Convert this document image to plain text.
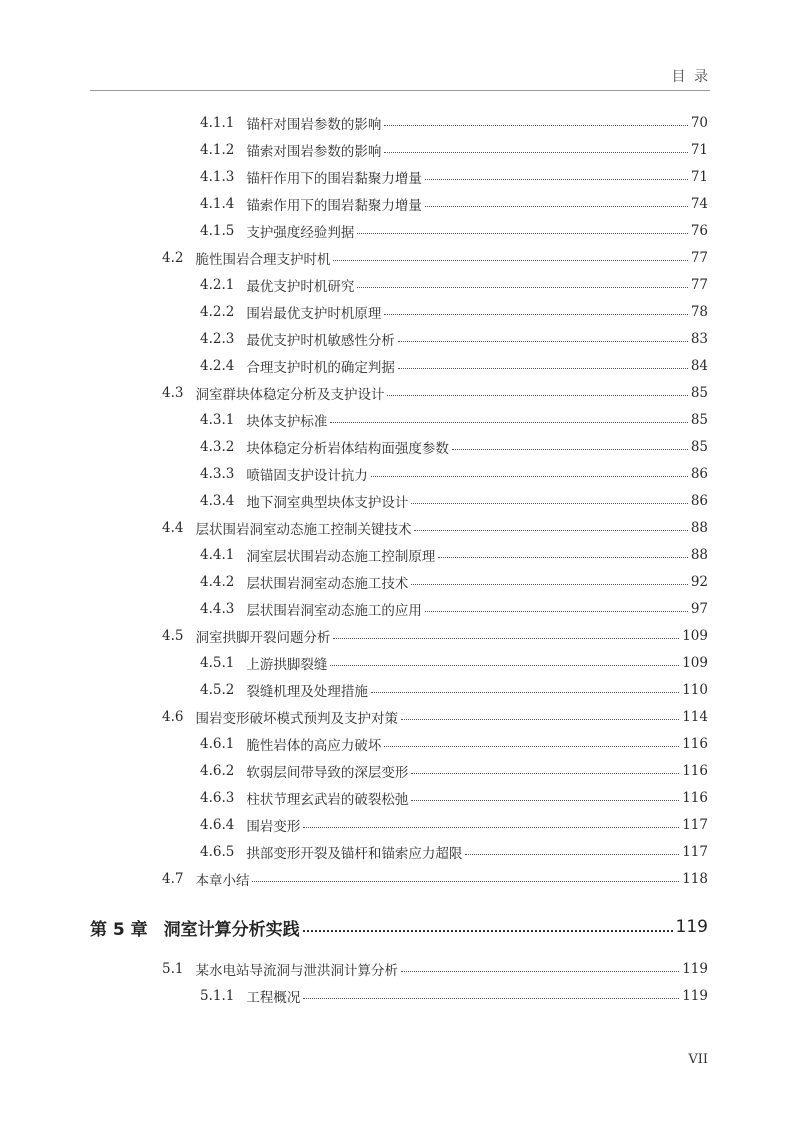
目 录
4.1.1 锚杆对围岩参数的影响	70
4.1.2 锚索对围岩参数的影响	71
4.1.3 锚杆作用下的围岩黏聚力增量	71
4.1.4 锚索作用下的围岩黏聚力增量	74
4.1.5 支护强度经验判据	76
4.2 脆性围岩合理支护时机	77
4.2.1 最优支护时机研究	77
4.2.2 围岩最优支护时机原理	78
4.2.3 最优支护时机敏感性分析	83
4.2.4 合理支护时机的确定判据	84
4.3 洞室群块体稳定分析及支护设计	85
4.3.1 块体支护标准	85
4.3.2 块体稳定分析岩体结构面强度参数	85
4.3.3 喷锚固支护设计抗力	86
4.3.4 地下洞室典型块体支护设计	86
4.4 层状围岩洞室动态施工控制关键技术	88
4.4.1 洞室层状围岩动态施工控制原理	88
4.4.2 层状围岩洞室动态施工技术	92
4.4.3 层状围岩洞室动态施工的应用	97
4.5 洞室拱脚开裂问题分析	109
4.5.1 上游拱脚裂缝	109
4.5.2 裂缝机理及处理措施	110
4.6 围岩变形破坏模式预判及支护对策	114
4.6.1 脆性岩体的高应力破坏	116
4.6.2 软弱层间带导致的深层变形	116
4.6.3 柱状节理玄武岩的破裂松弛	116
4.6.4 围岩变形	117
4.6.5 拱部变形开裂及锚杆和锚索应力超限	117
4.7 本章小结	118
第 5 章 洞室计算分析实践	119
5.1 某水电站导流洞与泄洪洞计算分析	119
5.1.1 工程概况	119
VII
